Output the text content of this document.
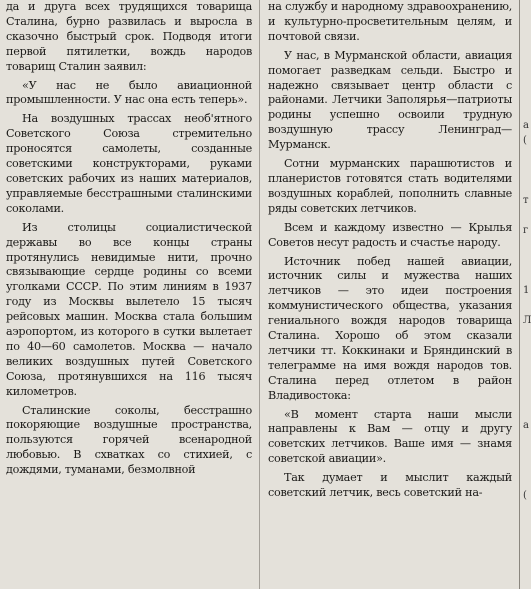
да и друга всех трудящихся товарища Сталина, бурно развилась и выросла в сказочно быстрый срок. Подводя итоги первой пятилетки, вождь народов товарищ Сталин заявил:

«У нас не было авиационной промышленности. У нас она есть теперь».

На воздушных трассах необ'ятного Советского Союза стремительно проносятся самолеты, созданные советскими конструкторами, руками советских рабочих из наших материалов, управляемые бесстрашными сталинскими соколами.

Из столицы социалистической державы во все концы страны протянулись невидимые нити, прочно связывающие сердце родины со всеми уголками СССР. По этим линиям в 1937 году из Москвы вылетело 15 тысяч рейсовых машин. Москва стала большим аэропортом, из которого в сутки вылетает по 40—60 самолетов. Москва — начало великих воздушных путей Советского Союза, протянувшихся на 116 тысяч километров.

Сталинские соколы, бесстрашно покоряющие воздушные пространства, пользуются горячей всенародной любовью. В схватках со стихией, с дождями, туманами, безмолвной

на службу и народному здравоохранению, и культурно-просветительным целям, и почтовой связи.

У нас, в Мурманской области, авиация помогает разведкам сельди. Быстро и надежно связывает центр области с районами. Летчики Заполярья—патриоты родины успешно освоили трудную воздушную трассу Ленинград—Мурманск.

Сотни мурманских парашютистов и планеристов готовятся стать водителями воздушных кораблей, пополнить славные ряды советских летчиков.

Всем и каждому известно — Крылья Советов несут радость и счастье народу.

Источник побед нашей авиации, источник силы и мужества наших летчиков — это идеи построения коммунистического общества, указания гениального вождя народов товарища Сталина. Хорошо об этом сказали летчики тт. Коккинаки и Бряндинский в телеграмме на имя вождя народов тов. Сталина перед отлетом в район Владивостока:

«В момент старта наши мысли направлены к Вам — отцу и другу советских летчиков. Ваше имя — знамя советской авиации».

Так думает и мыслит каждый советский летчик, весь советский на-

а
(
т
г
1
Л
а
(
